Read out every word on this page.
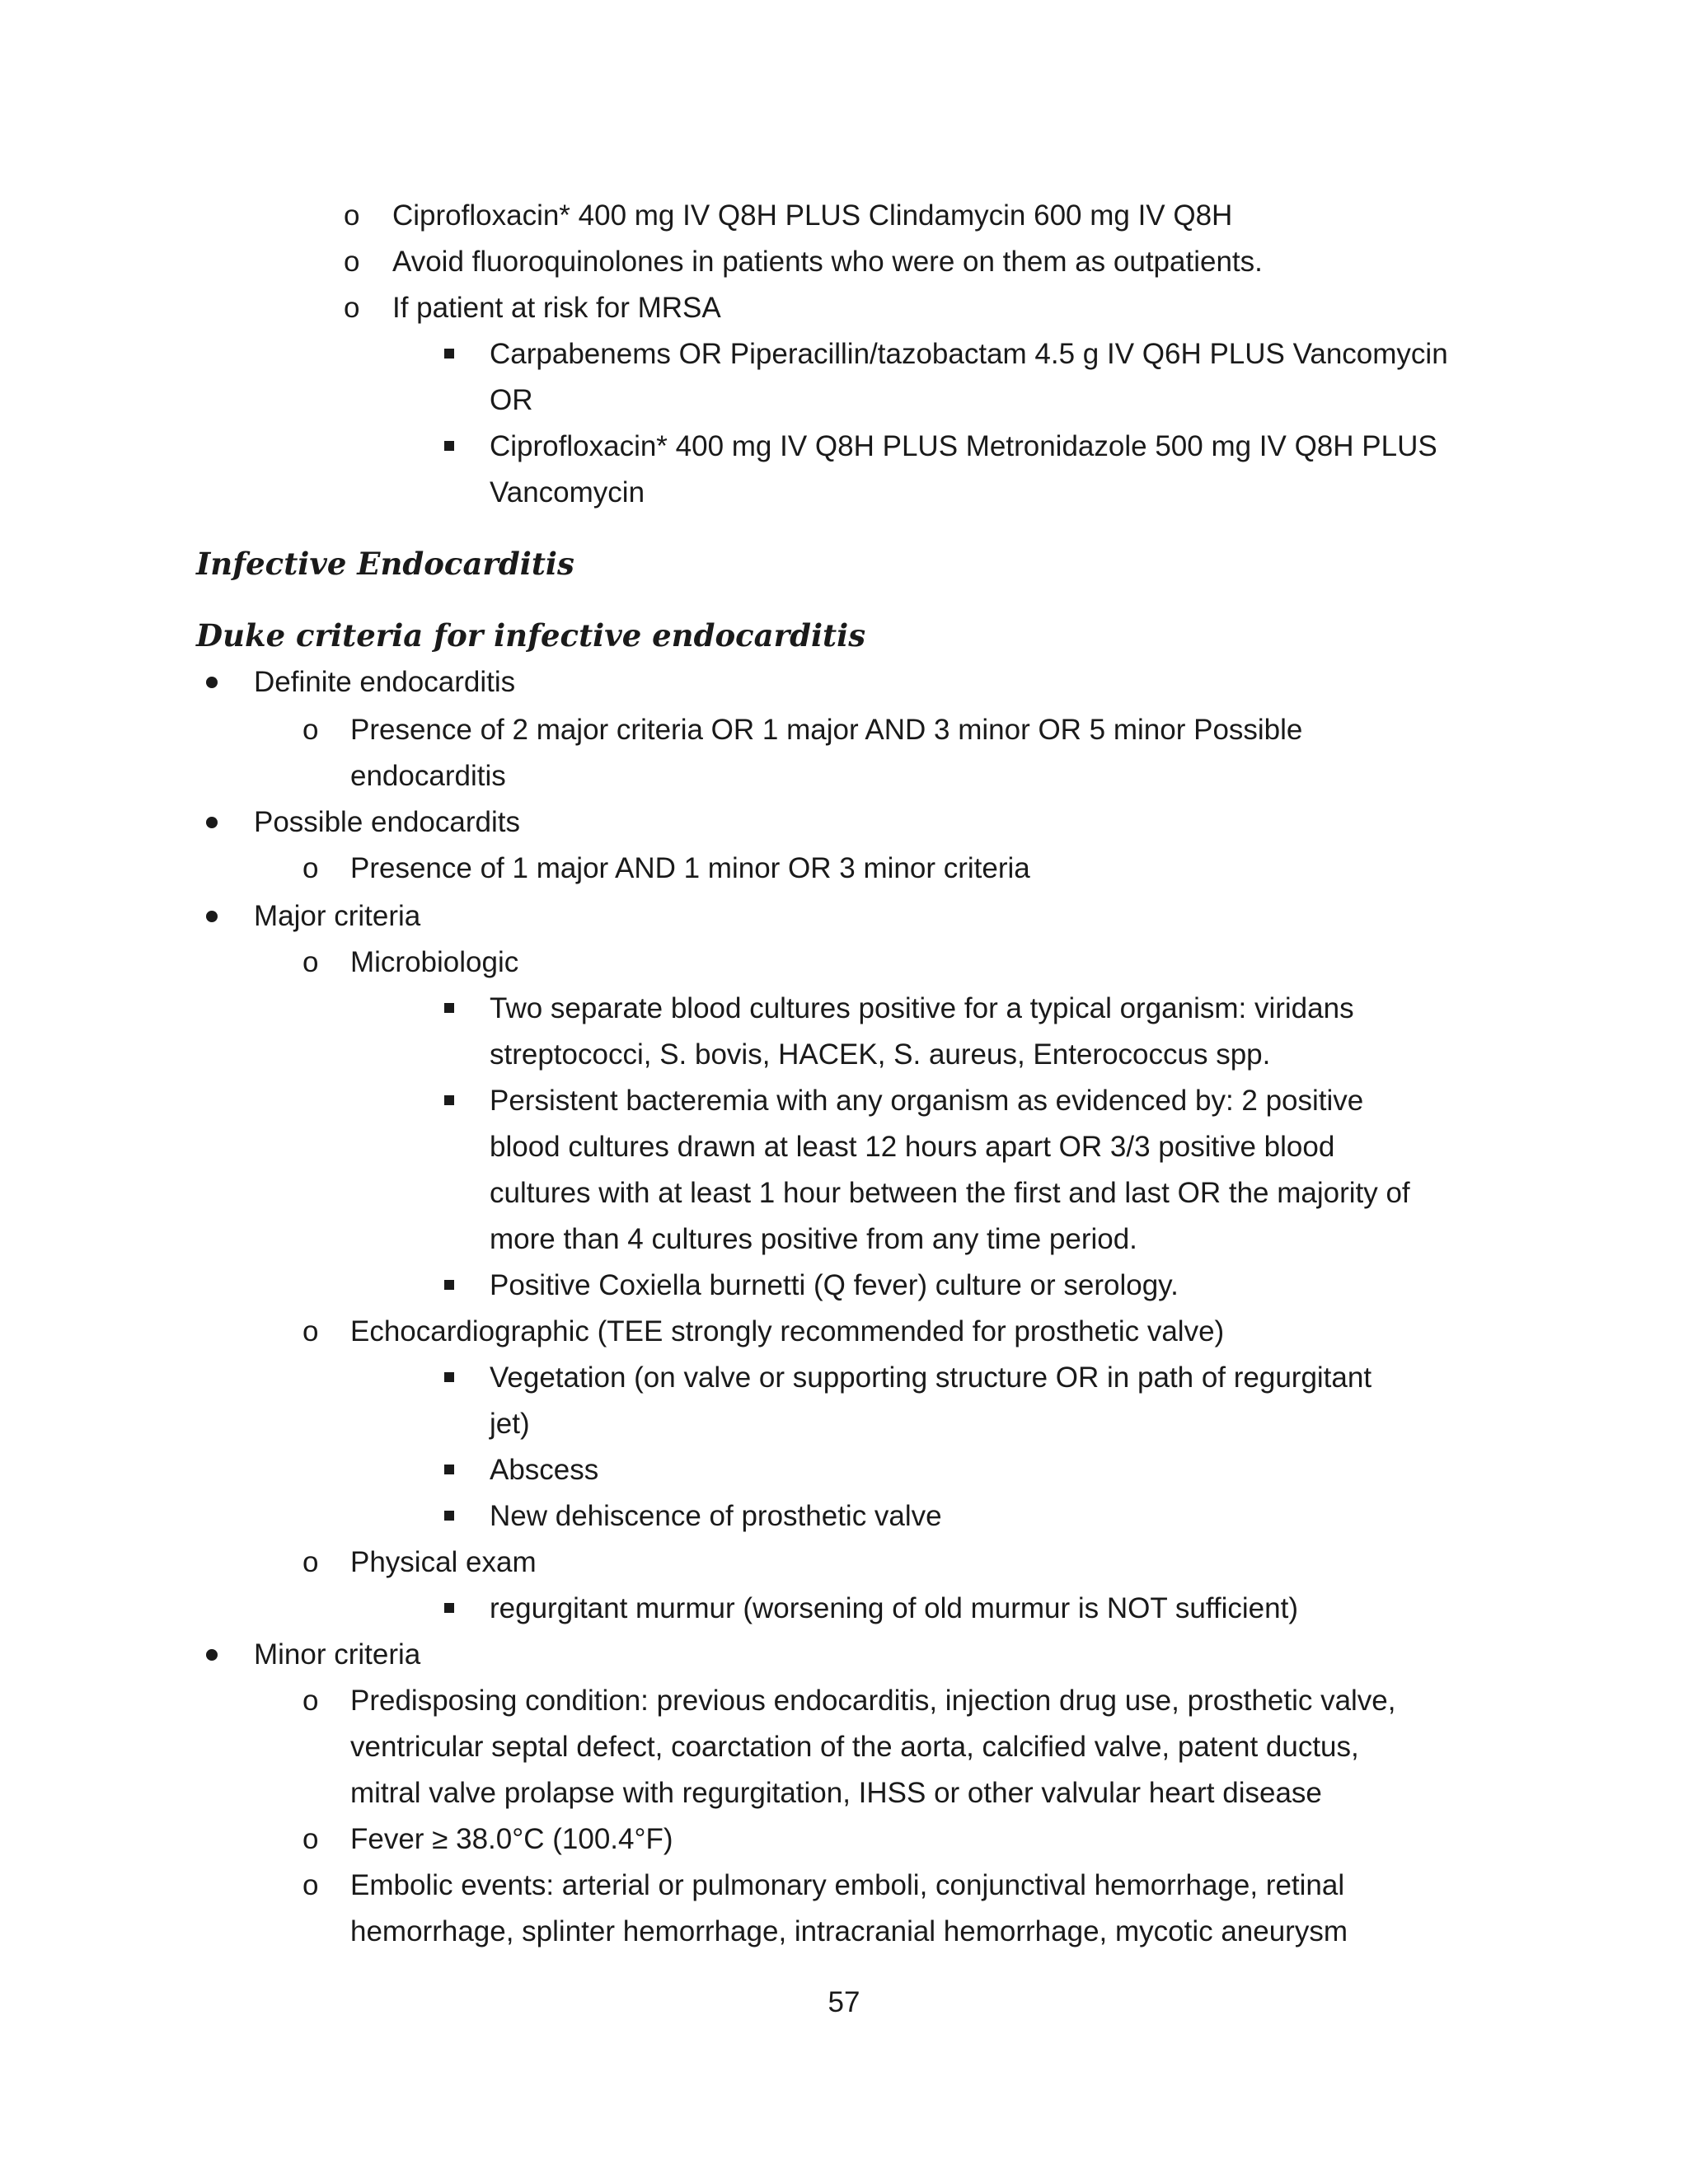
o Ciprofloxacin* 400 mg IV Q8H PLUS Clindamycin 600 mg IV Q8H
o Avoid fluoroquinolones in patients who were on them as outpatients.
o If patient at risk for MRSA
Carpabenems OR Piperacillin/tazobactam 4.5 g IV Q6H PLUS Vancomycin
OR
Ciprofloxacin* 400 mg IV Q8H PLUS Metronidazole 500 mg IV Q8H PLUS
Vancomycin
Infective Endocarditis
Duke criteria for infective endocarditis
Definite endocarditis
o Presence of 2 major criteria OR 1 major AND 3 minor OR 5 minor Possible
endocarditis
Possible endocardits
o Presence of 1 major AND 1 minor OR 3 minor criteria
Major criteria
o Microbiologic
Two separate blood cultures positive for a typical organism: viridans
streptococci, S. bovis, HACEK, S. aureus, Enterococcus spp.
Persistent bacteremia with any organism as evidenced by: 2 positive
blood cultures drawn at least 12 hours apart OR 3/3 positive blood
cultures with at least 1 hour between the first and last OR the majority of
more than 4 cultures positive from any time period.
Positive Coxiella burnetti (Q fever) culture or serology.
o Echocardiographic (TEE strongly recommended for prosthetic valve)
Vegetation (on valve or supporting structure OR in path of regurgitant
jet)
Abscess
New dehiscence of prosthetic valve
o Physical exam
regurgitant murmur (worsening of old murmur is NOT sufficient)
Minor criteria
o Predisposing condition: previous endocarditis, injection drug use, prosthetic valve,
ventricular septal defect, coarctation of the aorta, calcified valve, patent ductus,
mitral valve prolapse with regurgitation, IHSS or other valvular heart disease
o Fever ≥ 38.0°C (100.4°F)
o Embolic events: arterial or pulmonary emboli, conjunctival hemorrhage, retinal
hemorrhage, splinter hemorrhage, intracranial hemorrhage, mycotic aneurysm
57
